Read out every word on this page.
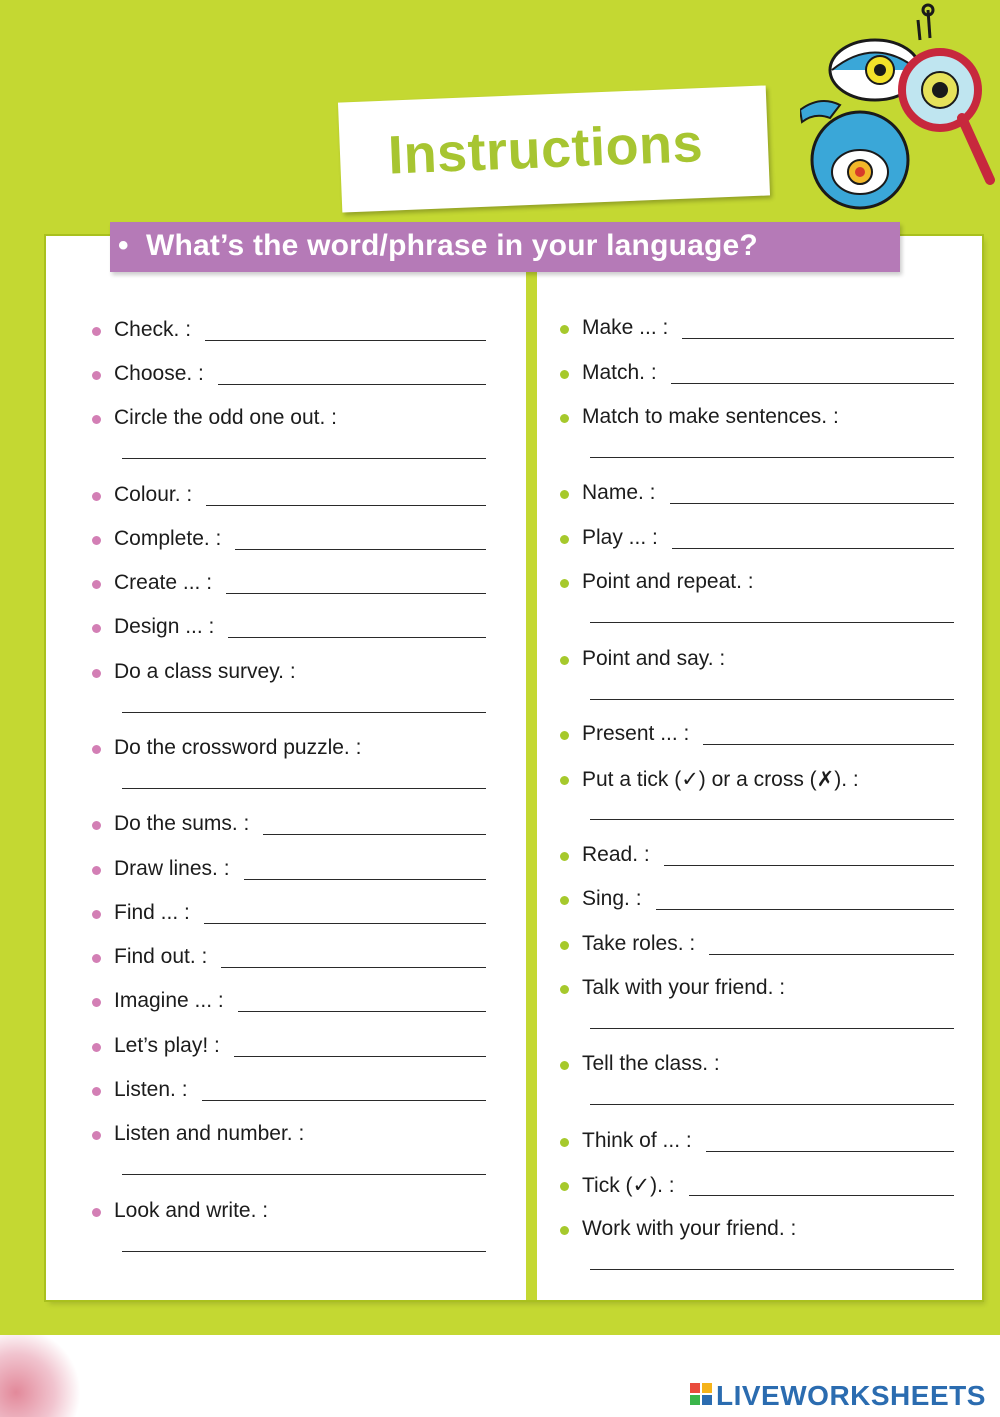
Instructions
• What’s the word/phrase in your language?
Check. :
Choose. :
Circle the odd one out. :
Colour. :
Complete. :
Create ... :
Design ... :
Do a class survey. :
Do the crossword puzzle. :
Do the sums. :
Draw lines. :
Find ... :
Find out. :
Imagine ... :
Let’s play! :
Listen. :
Listen and number. :
Look and write. :
Make ... :
Match. :
Match to make sentences. :
Name. :
Play ... :
Point and repeat. :
Point and say. :
Present ... :
Put a tick (✓) or a cross (✗). :
Read. :
Sing. :
Take roles. :
Talk with your friend. :
Tell the class. :
Think of ... :
Tick (✓). :
Work with your friend. :
LIVEWORKSHEETS
